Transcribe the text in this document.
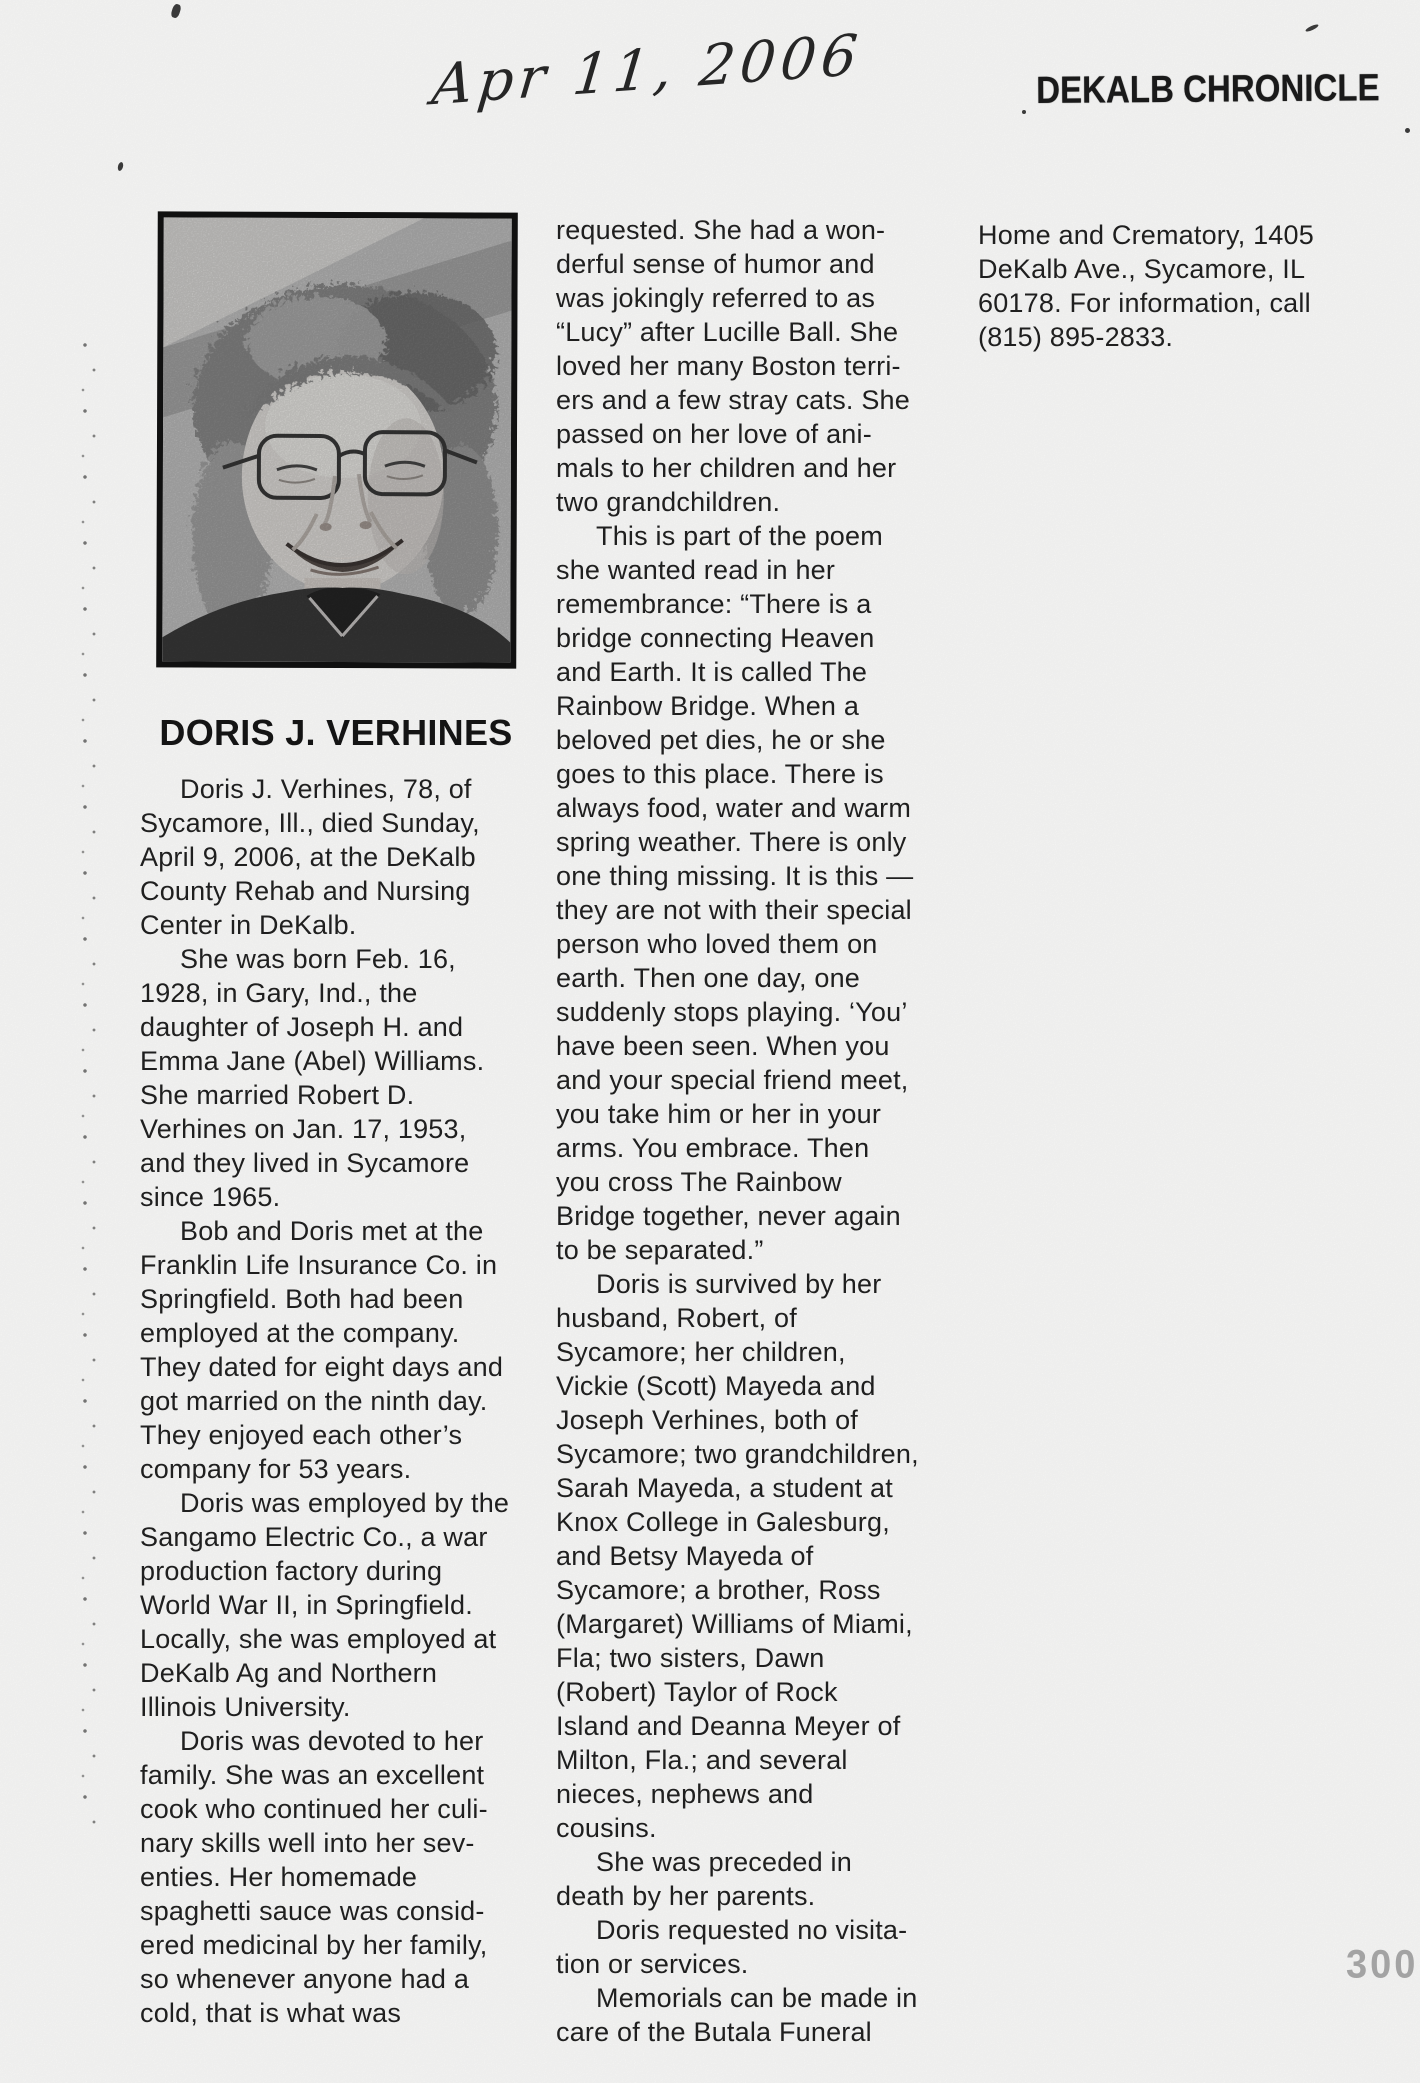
Apr 11, 2006	DEKALB CHRONICLE
DORIS J. VERHINES
Doris J. Verhines, 78, of
Sycamore, Ill., died Sunday,
April 9, 2006, at the DeKalb
County Rehab and Nursing
Center in DeKalb.
She was born Feb. 16,
1928, in Gary, Ind., the
daughter of Joseph H. and
Emma Jane (Abel) Williams.
She married Robert D.
Verhines on Jan. 17, 1953,
and they lived in Sycamore
since 1965.
Bob and Doris met at the
Franklin Life Insurance Co. in
Springfield. Both had been
employed at the company.
They dated for eight days and
got married on the ninth day.
They enjoyed each other’s
company for 53 years.
Doris was employed by the
Sangamo Electric Co., a war
production factory during
World War II, in Springfield.
Locally, she was employed at
DeKalb Ag and Northern
Illinois University.
Doris was devoted to her
family. She was an excellent
cook who continued her culi-
nary skills well into her sev-
enties. Her homemade
spaghetti sauce was consid-
ered medicinal by her family,
so whenever anyone had a
cold, that is what was
requested. She had a won-
derful sense of humor and
was jokingly referred to as
“Lucy” after Lucille Ball. She
loved her many Boston terri-
ers and a few stray cats. She
passed on her love of ani-
mals to her children and her
two grandchildren.
This is part of the poem
she wanted read in her
remembrance: “There is a
bridge connecting Heaven
and Earth. It is called The
Rainbow Bridge. When a
beloved pet dies, he or she
goes to this place. There is
always food, water and warm
spring weather. There is only
one thing missing. It is this —
they are not with their special
person who loved them on
earth. Then one day, one
suddenly stops playing. ‘You’
have been seen. When you
and your special friend meet,
you take him or her in your
arms. You embrace. Then
you cross The Rainbow
Bridge together, never again
to be separated.”
Doris is survived by her
husband, Robert, of
Sycamore; her children,
Vickie (Scott) Mayeda and
Joseph Verhines, both of
Sycamore; two grandchildren,
Sarah Mayeda, a student at
Knox College in Galesburg,
and Betsy Mayeda of
Sycamore; a brother, Ross
(Margaret) Williams of Miami,
Fla; two sisters, Dawn
(Robert) Taylor of Rock
Island and Deanna Meyer of
Milton, Fla.; and several
nieces, nephews and
cousins.
She was preceded in
death by her parents.
Doris requested no visita-
tion or services.
Memorials can be made in
care of the Butala Funeral
Home and Crematory, 1405
DeKalb Ave., Sycamore, IL
60178. For information, call
(815) 895-2833.
300
